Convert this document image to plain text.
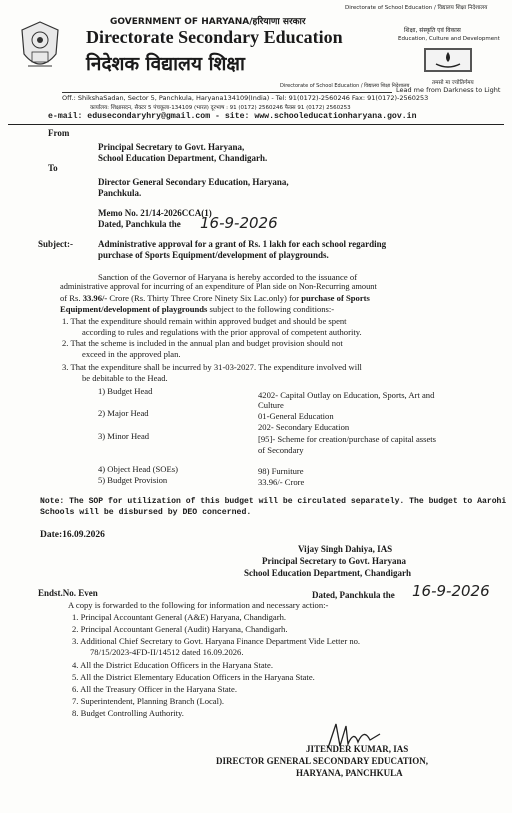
Directorate of School Education / विद्यालय शिक्षा निदेशालय
GOVERNMENT OF HARYANA/हरियाणा सरकार
Directorate Secondary Education
निदेशक विद्यालय शिक्षा
Directorate of School Education / विद्यालय शिक्षा निदेशालय
शिक्षा, संस्कृति एवं विकास
Education, Culture and Development
तमसो मा ज्योतिर्गमय
Lead me from Darkness to Light
Off.: ShikshaSadan, Sector 5, Panchkula, Haryana134109(India) - Tel: 91(0172)-2560246 Fax: 91(0172)-2560253
कार्यालय: शिक्षासदन, सैक्टर 5 पंचकूला-134109 (भारत) दूरभाष : 91 (0172) 2560246 फैक्स 91 (0172) 2560253
e-mail: edusecondaryhry@gmail.com - site: www.schooleducationharyana.gov.in
From
Principal Secretary to Govt. Haryana,
School Education Department, Chandigarh.
To
Director General Secondary Education, Haryana,
Panchkula.
Memo No. 21/14-2026CCA(1)
Dated, Panchkula the 16-9-2026
Subject:-	Administrative approval for a grant of Rs. 1 lakh for each school regarding
purchase of Sports Equipment/development of playgrounds.
Sanction of the Governor of Haryana is hereby accorded to the issuance of
administrative approval for incurring of an expenditure of Plan side on Non-Recurring amount
of Rs. 33.96/- Crore (Rs. Thirty Three Crore Ninety Six Lac.only) for purchase of Sports
Equipment/development of playgrounds subject to the following conditions:-
1. That the expenditure should remain within approved budget and should be spent
according to rules and regulations with the prior approval of competent authority.
2. That the scheme is included in the annual plan and budget provision should not
exceed in the approved plan.
3. That the expenditure shall be incurred by 31-03-2027. The expenditure involved will
be debitable to the Head.
1) Budget Head	4202- Capital Outlay on Education, Sports, Art and
Culture
2) Major Head	01-General Education
202- Secondary Education
3) Minor Head	[95]- Scheme for creation/purchase of capital assets
of Secondary
4) Object Head (SOEs)	98) Furniture
5) Budget Provision	33.96/- Crore
Note: The SOP for utilization of this budget will be circulated separately. The budget to Aarohi
Schools will be disbursed by DEO concerned.
Date:16.09.2026
Vijay Singh Dahiya, IAS
Principal Secretary to Govt. Haryana
School Education Department, Chandigarh
Endst.No. Even	Dated, Panchkula the 16-9-2026
A copy is forwarded to the following for information and necessary action:-
1. Principal Accountant General (A&E) Haryana, Chandigarh.
2. Principal Accountant General (Audit) Haryana, Chandigarh.
3. Additional Chief Secretary to Govt. Haryana Finance Department Vide Letter no.
78/15/2023-4FD-II/14512 dated 16.09.2026.
4. All the District Education Officers in the Haryana State.
5. All the District Elementary Education Officers in the Haryana State.
6. All the Treasury Officer in the Haryana State.
7. Superintendent, Planning Branch (Local).
8. Budget Controlling Authority.
JITENDER KUMAR, IAS
DIRECTOR GENERAL SECONDARY EDUCATION,
HARYANA, PANCHKULA
